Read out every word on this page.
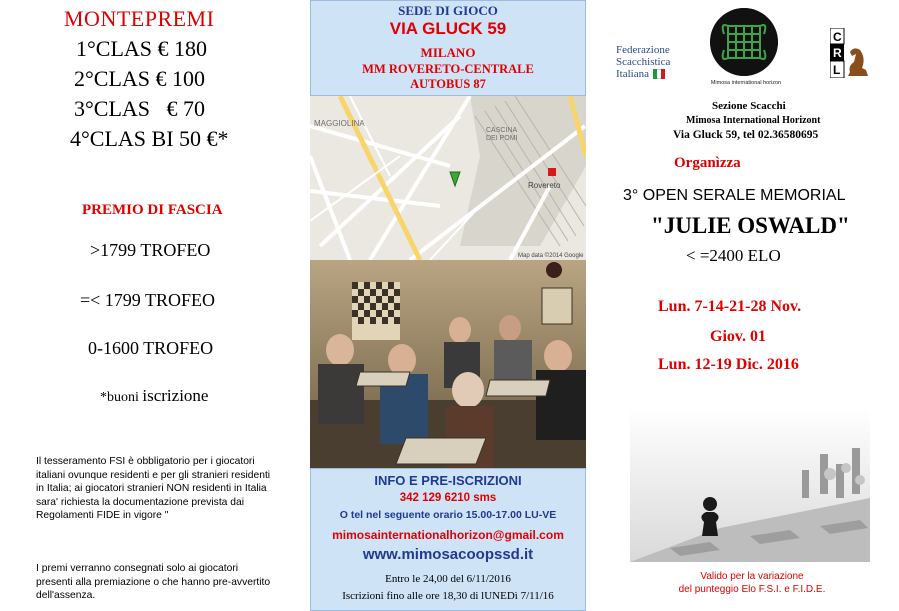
MONTEPREMI
1°CLAS € 180
2°CLAS € 100
3°CLAS   € 70
4°CLAS BI 50 €*
PREMIO DI FASCIA
>1799 TROFEO
=< 1799 TROFEO
0-1600 TROFEO
*buoni iscrizione
Il tesseramento FSI è obbligatorio per i giocatori italiani ovunque residenti e per gli stranieri residenti in Italia; ai giocatori stranieri NON residenti in Italia sara' richiesta la documentazione prevista dai Regolamenti FIDE in vigore "
I premi verranno consegnati solo ai giocatori presenti alla premiazione o che hanno pre-avvertito dell'assenza.
SEDE DI GIOCO
VIA GLUCK 59
MILANO
MM ROVERETO-CENTRALE
AUTOBUS 87
CASCINA
DEI POMI
MAGGIOLINA
Rovereto
Map data ©2014 Google
INFO E PRE-ISCRIZIONI
342 129 6210 sms
O tel nel seguente orario 15.00-17.00 LU-VE
mimosainternationalhorizon@gmail.com
www.mimosacoopssd.it
Entro le 24,00 del 6/11/2016
Iscrizioni fino alle ore 18,30 di lUNEDì 7/11/16
Federazione
Scacchistica
Italiana
Mimosa international horizon
C
R
L
Sezione Scacchi
Mimosa International Horizont
Via Gluck 59, tel 02.36580695
Organìzza
3° OPEN SERALE MEMORIAL
"JULIE OSWALD"
< =2400 ELO
Lun. 7-14-21-28 Nov.
Giov. 01
Lun. 12-19 Dic. 2016
Valido per la variazione
del punteggio Elo F.S.I. e F.I.D.E.
